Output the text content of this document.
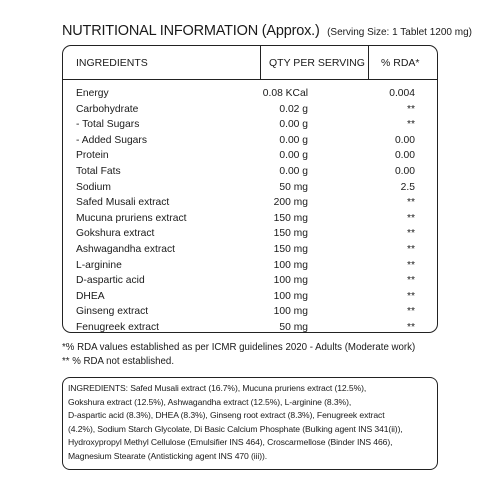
NUTRITIONAL INFORMATION (Approx.) (Serving Size: 1 Tablet 1200 mg)
INGREDIENTS	QTY PER SERVING % RDA*
Energy	0.08 KCal	0.004
Carbohydrate	0.02 g	**
- Total Sugars	0.00 g	**
- Added Sugars	0.00 g	0.00
Protein	0.00 g	0.00
Total Fats	0.00 g	0.00
Sodium	50 mg	2.5
Safed Musali extract	200 mg	**
Mucuna pruriens extract	150 mg	**
Gokshura extract	150 mg	**
Ashwagandha extract	150 mg	**
L-arginine	100 mg	**
D-aspartic acid	100 mg	**
DHEA	100 mg	**
Ginseng extract	100 mg	**
Fenugreek extract	50 mg	**
*% RDA values established as per ICMR guidelines 2020 - Adults (Moderate work)
** % RDA not established.
INGREDIENTS: Safed Musali extract (16.7%), Mucuna pruriens extract (12.5%),
Gokshura extract (12.5%), Ashwagandha extract (12.5%), L-arginine (8.3%),
D-aspartic acid (8.3%), DHEA (8.3%), Ginseng root extract (8.3%), Fenugreek extract
(4.2%), Sodium Starch Glycolate, Di Basic Calcium Phosphate (Bulking agent INS 341(ii)),
Hydroxypropyl Methyl Cellulose (Emulsifier INS 464), Croscarmellose (Binder INS 466),
Magnesium Stearate (Antisticking agent INS 470 (iii)).
